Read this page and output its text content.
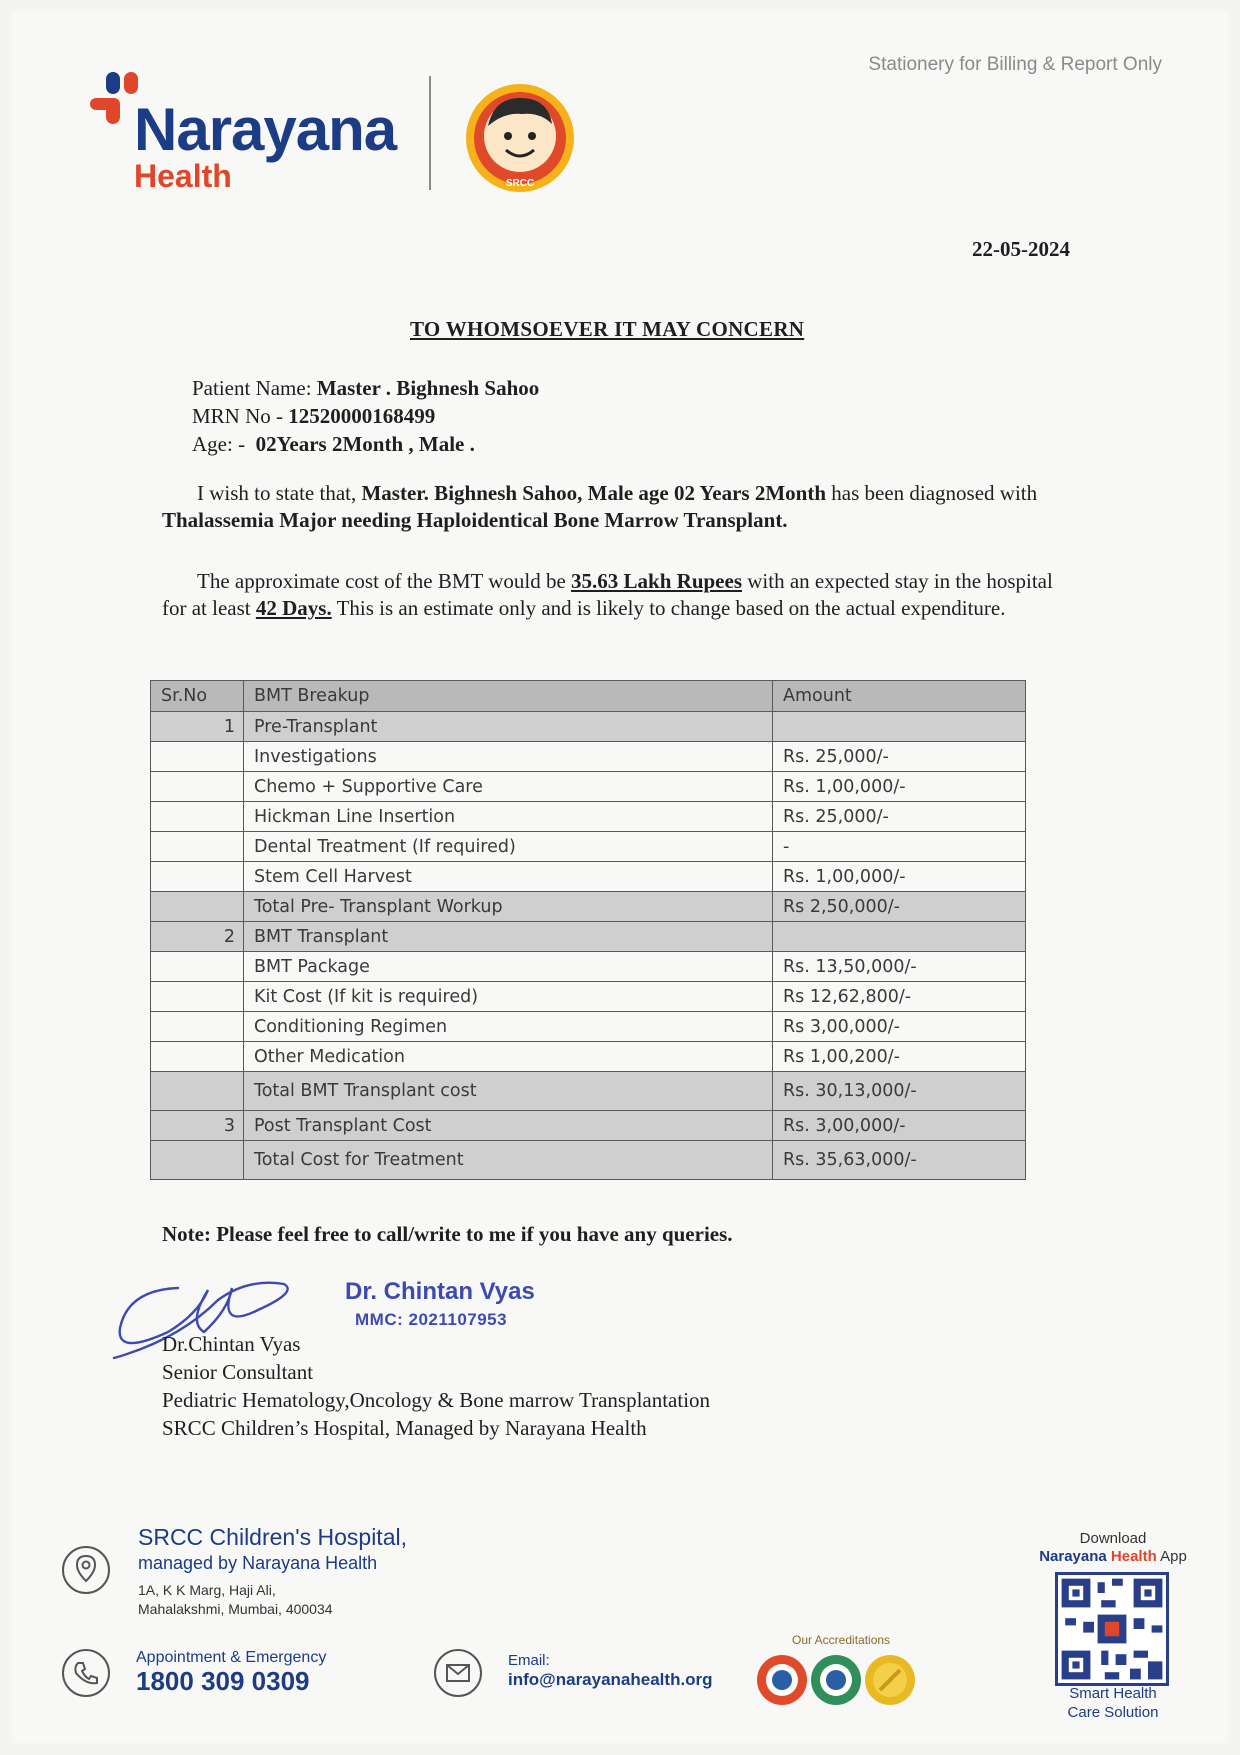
Narayana
Health	SRCC
Stationery for Billing & Report Only
22-05-2024
TO WHOMSOEVER IT MAY CONCERN
Patient Name: Master . Bighnesh Sahoo
MRN No - 12520000168499
Age: - 02Years 2Month , Male .

I wish to state that, Master. Bighnesh Sahoo, Male age 02 Years 2Month has been diagnosed with Thalassemia Major needing Haploidentical Bone Marrow Transplant.

The approximate cost of the BMT would be 35.63 Lakh Rupees with an expected stay in the hospital for at least 42 Days. This is an estimate only and is likely to change based on the actual expenditure.

Sr.No	BMT Breakup	Amount
1	Pre-Transplant	
	Investigations	Rs. 25,000/-
	Chemo + Supportive Care	Rs. 1,00,000/-
	Hickman Line Insertion	Rs. 25,000/-
	Dental Treatment (If required)	-
	Stem Cell Harvest	Rs. 1,00,000/-
	Total Pre- Transplant Workup	Rs 2,50,000/-
2	BMT Transplant	
	BMT Package	Rs. 13,50,000/-
	Kit Cost (If kit is required)	Rs 12,62,800/-
	Conditioning Regimen	Rs 3,00,000/-
	Other Medication	Rs 1,00,200/-
	Total BMT Transplant cost	Rs. 30,13,000/-
3	Post Transplant Cost	Rs. 3,00,000/-
	Total Cost for Treatment	Rs. 35,63,000/-
Note: Please feel free to call/write to me if you have any queries.
Dr. Chintan Vyas
MMC: 2021107953
Dr.Chintan Vyas
Senior Consultant
Pediatric Hematology,Oncology & Bone marrow Transplantation
SRCC Children’s Hospital, Managed by Narayana Health
SRCC Children's Hospital,
managed by Narayana Health
1A, K K Marg, Haji Ali,
Mahalakshmi, Mumbai, 400034
Appointment & Emergency
1800 309 0309
Email:
info@narayanahealth.org
Our Accreditations
Download
Narayana Health App
Smart Health
Care Solution
